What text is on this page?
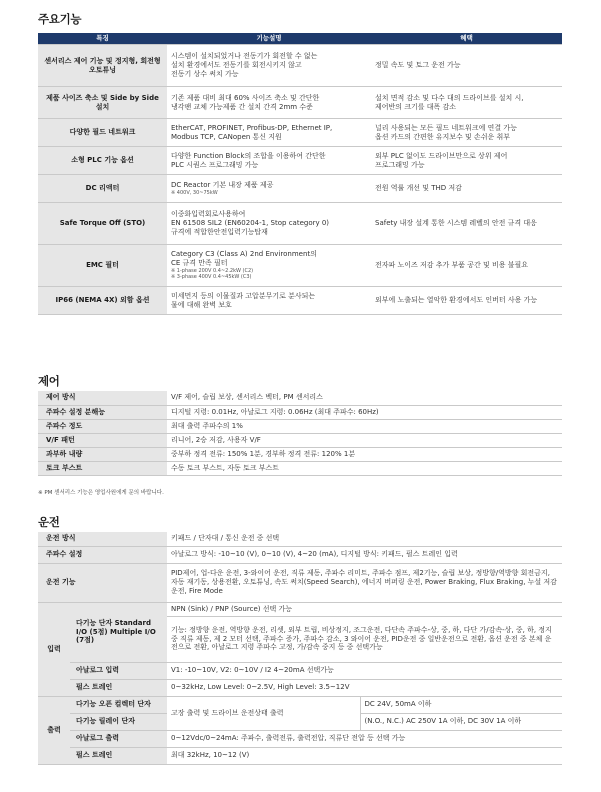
주요기능
특징	기능설명	혜택
센서리스 제어 기능 및 정지형, 회전형 오토튜닝	시스템이 설치되었거나 전동기가 회전할 수 없는
설치 환경에서도 전동기를 회전시키지 않고
전동기 상수 써치 가능	정밀 속도 및 토그 운전 가능

제품 사이즈 축소 및 Side by Side 설치	기존 제품 대비 최대 60% 사이즈 축소 및 간단한
냉각팬 교체 가능제품 간 설치 간격 2mm 수준	설치 면적 감소 및 다수 대의 드라이브를 설치 시,
제어반의 크기를 대폭 감소

다양한 필드 네트워크	EtherCAT, PROFINET, Profibus-DP, Ethernet IP,
Modbus TCP, CANopen 통신 지원	널리 사용되는 모든 필드 네트워크에 연결 가능
옵션 카드의 간편한 유지보수 및 손쉬운 취부

소형 PLC 기능 옵션	다양한 Function Block의 조합을 이용하여 간단한
PLC 시퀀스 프로그래밍 가능	외부 PLC 없이도 드라이브만으로 상위 제어
프로그래밍 가능

DC 리액터	DC Reactor 기본 내장 제품 제공
※ 400V, 30~75kW	전원 역률 개선 및 THD 저감

Safe Torque Off (STO)	이중화입력회로사용하여
EN 61508 SIL2 (EN60204-1, Stop category 0)
규격에 적합한안전입력기능탑재	Safety 내장 설계 통한 시스템 레벨의 안전 규격 대응

EMC 필터	Category C3 (Class A) 2nd Environment의
CE 규격 만족 필터
※ 1-phase 200V 0.4~2.2kW (C2)
※ 3-phase 400V 0.4~45kW (C3)	전자파 노이즈 저감 추가 부품 공간 및 비용 불필요

IP66 (NEMA 4X) 외함 옵션	미세먼지 등의 이물질과 고압분무기로 분사되는
물에 대해 완벽 보호	외부에 노출되는 열악한 환경에서도 인버터 사용 가능
제어
제어 방식	V/F 제어, 슬립 보상, 센서리스 벡터, PM 센서리스
주파수 설정 분해능	디지털 지령: 0.01Hz, 아날로그 지령: 0.06Hz (최대 주파수: 60Hz)
주파수 정도	최대 출력 주파수의 1%
V/F 패턴	리니어, 2승 저감, 사용자 V/F
과부하 내량	중부하 정격 전류: 150% 1분, 경부하 정격 전류: 120% 1분
토크 부스트	수동 토크 부스트, 자동 토크 부스트
※ PM 센서리스 기능은 영업사원에게 문의 바랍니다.
운전
운전 방식		키패드 / 단자대 / 통신 운전 중 선택	
주파수 설정		아날로그 방식: -10~10 (V), 0~10 (V), 4~20 (mA), 디지털 방식: 키패드, 펄스 트레인 입력	
운전 기능		PID제어, 업-다운 운전, 3-와이어 운전, 직류 제동, 주파수 리미트, 주파수 점프, 제2기능, 슬립 보상, 정방향/역방향 회전금지, 자동 재기동, 상용전환, 오토튜닝, 속도 써치(Speed Search), 에너지 버퍼링 운전, Power Braking, Flux Braking, 누설 저감 운전, Fire Mode	
입력	다기능 단자 Standard I/O (5점) Multiple I/O (7점)	NPN (Sink) / PNP (Source) 선택 가능	
		기능: 정방향 운전, 역방향 운전, 리셋, 외부 트립, 비상정지, 조그운전, 다단속 주파수-상, 중, 하, 다단 가/감속-상, 중, 하, 정지 중 직류 제동, 제 2 모터 선택, 주파수 증가, 주파수 감소, 3 와이어 운전, PID운전 중 일반운전으로 전환, 옵션 운전 중 본체 운전으로 전환, 아날로그 지령 주파수 고정, 가/감속 중지 등 중 선택가능	
	아날로그 입력	V1: -10~10V, V2: 0~10V / I2 4~20mA 선택가능	
	펄스 트레인	0~32kHz, Low Level: 0~2.5V, High Level: 3.5~12V	
출력	다기능 오픈 컬렉터 단자	고장 출력 및 드라이브 운전상태 출력	DC 24V, 50mA 이하
	다기능 릴레이 단자		(N.O., N.C.) AC 250V 1A 이하, DC 30V 1A 이하
	아날로그 출력	0~12Vdc/0~24mA: 주파수, 출력전류, 출력전압, 직류단 전압 등 선택 가능	
	펄스 트레인	최대 32kHz, 10~12 (V)	
